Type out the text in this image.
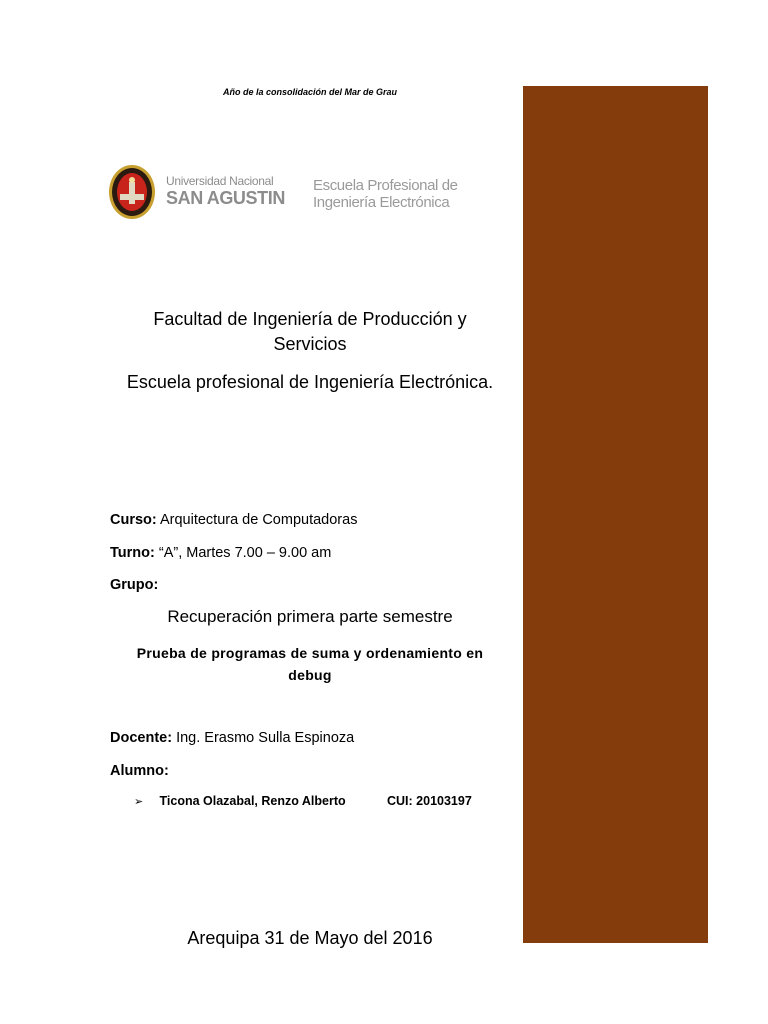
Año de la consolidación del Mar de Grau
Universidad Nacional
SAN AGUSTIN
Escuela Profesional de
Ingeniería Electrónica
Facultad de Ingeniería de Producción y
Servicios
Escuela profesional de Ingeniería Electrónica.
Curso: Arquitectura de Computadoras
Turno: “A”, Martes 7.00 – 9.00 am
Grupo:
Recuperación primera parte semestre
Prueba de programas de suma y ordenamiento en
debug
Docente: Ing. Erasmo Sulla Espinoza
Alumno:
➢ Ticona Olazabal, Renzo Alberto	CUI: 20103197
Arequipa 31 de Mayo del 2016
